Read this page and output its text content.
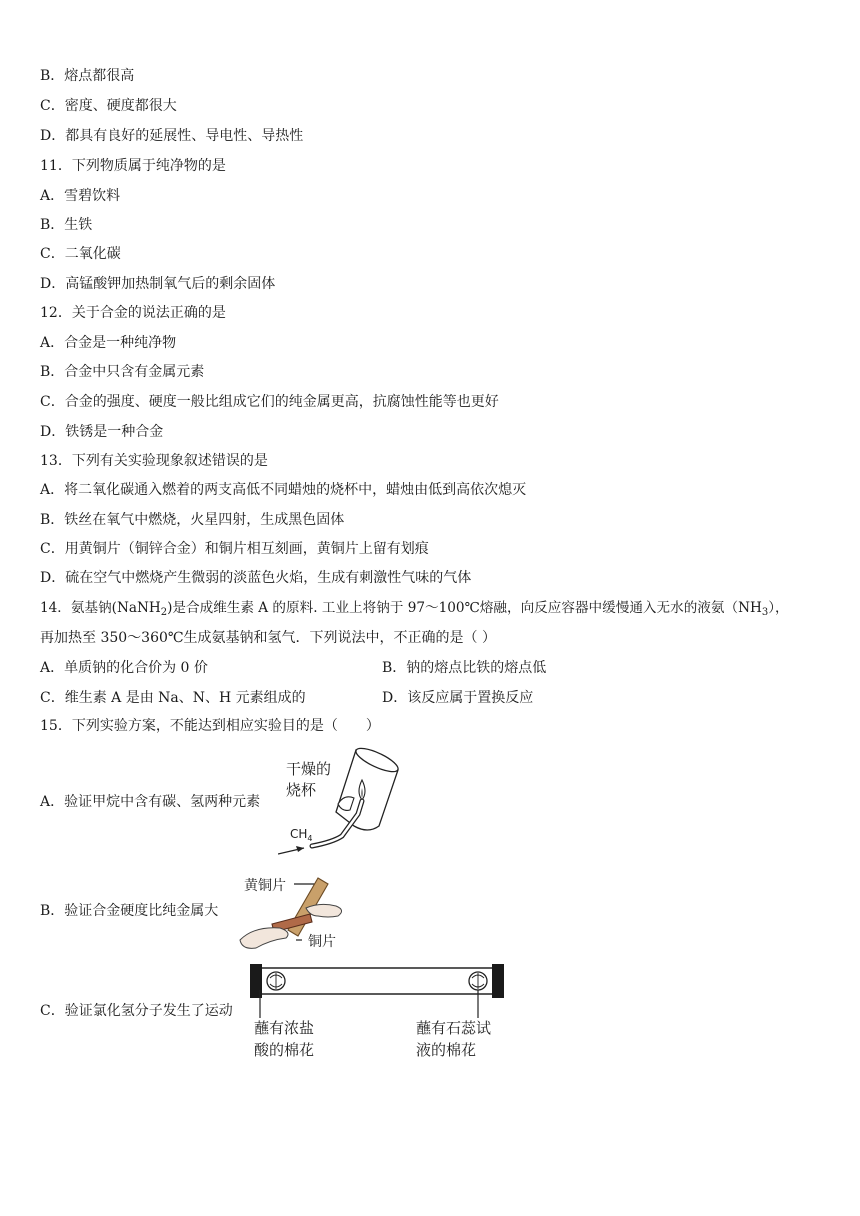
B．熔点都很高
C．密度、硬度都很大
D．都具有良好的延展性、导电性、导热性
11．下列物质属于纯净物的是
A．雪碧饮料
B．生铁
C．二氧化碳
D．高锰酸钾加热制氧气后的剩余固体
12．关于合金的说法正确的是
A．合金是一种纯净物
B．合金中只含有金属元素
C．合金的强度、硬度一般比组成它们的纯金属更高，抗腐蚀性能等也更好
D．铁锈是一种合金
13．下列有关实验现象叙述错误的是
A．将二氧化碳通入燃着的两支高低不同蜡烛的烧杯中，蜡烛由低到高依次熄灭
B．铁丝在氧气中燃烧，火星四射，生成黑色固体
C．用黄铜片（铜锌合金）和铜片相互刻画，黄铜片上留有划痕
D．硫在空气中燃烧产生微弱的淡蓝色火焰，生成有刺激性气味的气体
14．氨基钠(NaNH$_2$)是合成维生素 A 的原料. 工业上将钠于 97～100℃熔融，向反应容器中缓慢通入无水的液氨$(NH_3)$，
再加热至 350～360℃生成氨基钠和氢气．下列说法中，不正确的是（ ）
A．单质钠的化合价为 0 价	B．钠的熔点比铁的熔点低
C．维生素 A 是由 Na、N、H 元素组成的	D．该反应属于置换反应
15．下列实验方案，不能达到相应实验目的是（　　）
A．验证甲烷中含有碳、氢两种元素
B．验证合金硬度比纯金属大
C．验证氯化氢分子发生了运动
干燥的
烧杯
$CH_4$
黄铜片
铜片
蘸有浓盐
酸的棉花
蘸有石蕊试
液的棉花
